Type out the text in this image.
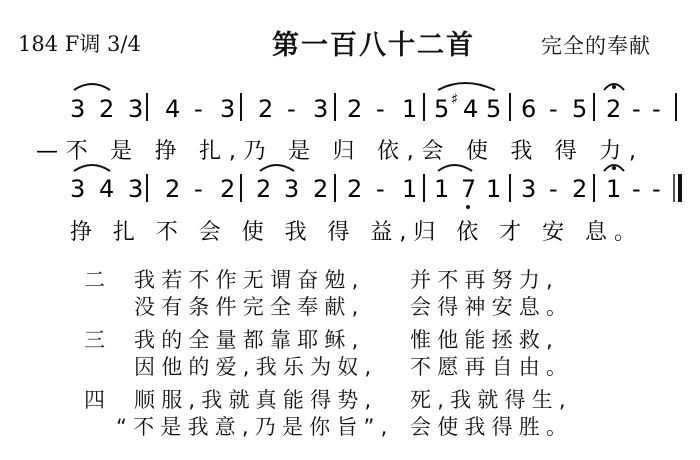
184 F调 3/4	第一百八十二首	完全的奉献
3 2 3 4 - 3 2 - 3 2 - 1 5 ♯ 4 5 6 - 5 2 - -
—不 是 挣 扎,乃 是 归 依,会 使 我 得 力,
3 4 3 2 - 2 2 3 2 2 - 1 1 7 1 3 - 2 1 - -
挣 扎 不 会 使 我 得 益,归 依 才 安 息。
二 我若不作无谓奋勉, 并不再努力,
没有条件完全奉献, 会得神安息。
三 我的全量都靠耶稣, 惟他能拯救,
因他的爱,我乐为奴, 不愿再自由。
四 顺服,我就真能得势, 死,我就得生,
“不是我意,乃是你旨”, 会使我得胜。
